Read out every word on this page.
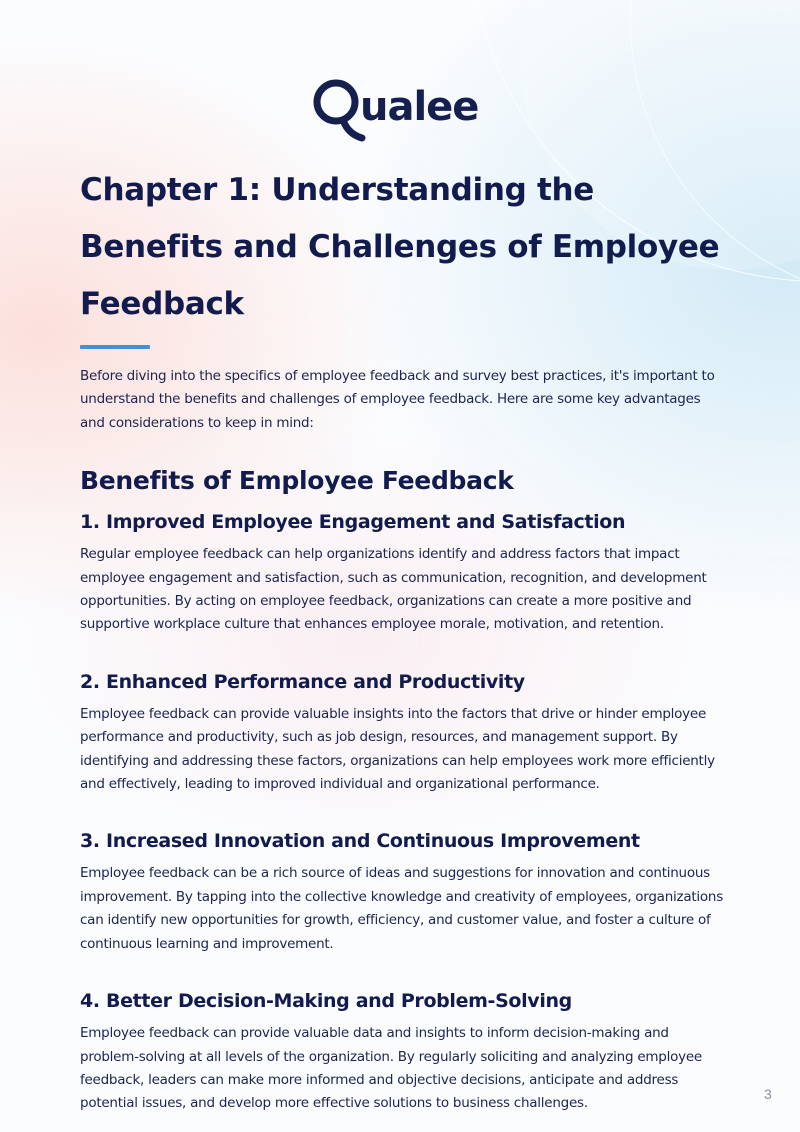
ualee
Chapter 1: Understanding the Benefits and Challenges of Employee Feedback

Before diving into the specifics of employee feedback and survey best practices, it's important to understand the benefits and challenges of employee feedback. Here are some key advantages and considerations to keep in mind:

Benefits of Employee Feedback
1. Improved Employee Engagement and Satisfaction

Regular employee feedback can help organizations identify and address factors that impact employee engagement and satisfaction, such as communication, recognition, and development opportunities. By acting on employee feedback, organizations can create a more positive and supportive workplace culture that enhances employee morale, motivation, and retention.

2. Enhanced Performance and Productivity

Employee feedback can provide valuable insights into the factors that drive or hinder employee performance and productivity, such as job design, resources, and management support. By identifying and addressing these factors, organizations can help employees work more efficiently and effectively, leading to improved individual and organizational performance.

3. Increased Innovation and Continuous Improvement

Employee feedback can be a rich source of ideas and suggestions for innovation and continuous improvement. By tapping into the collective knowledge and creativity of employees, organizations can identify new opportunities for growth, efficiency, and customer value, and foster a culture of continuous learning and improvement.

4. Better Decision-Making and Problem-Solving

Employee feedback can provide valuable data and insights to inform decision-making and problem-solving at all levels of the organization. By regularly soliciting and analyzing employee feedback, leaders can make more informed and objective decisions, anticipate and address potential issues, and develop more effective solutions to business challenges.

3
